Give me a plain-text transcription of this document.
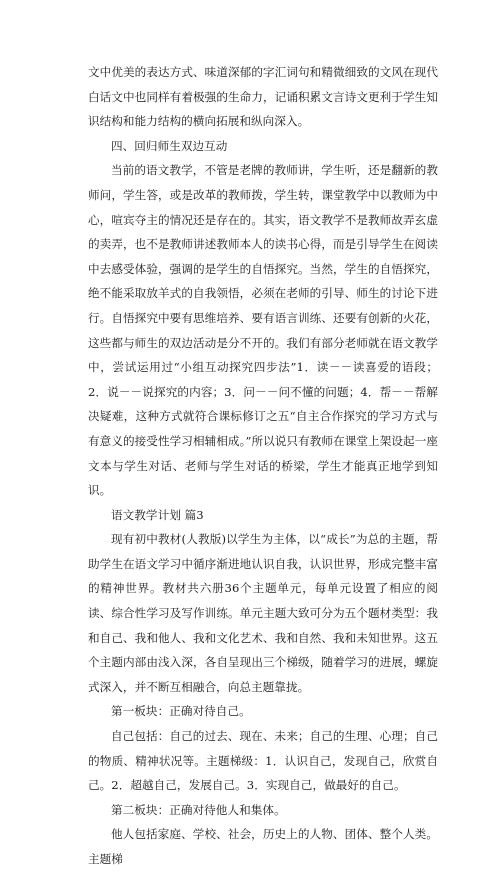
文中优美的表达方式、味道深郁的字汇词句和精微细致的文风在现代白话文中也同样有着极强的生命力，记诵积累文言诗文更利于学生知识结构和能力结构的横向拓展和纵向深入。

四、回归师生双边互动

当前的语文教学，不管是老牌的教师讲，学生听，还是翻新的教师问，学生答，或是改革的教师拨，学生转，课堂教学中以教师为中心，喧宾夺主的情况还是存在的。其实，语文教学不是教师故弄玄虚的卖弄，也不是教师讲述教师本人的读书心得，而是引导学生在阅读中去感受体验，强调的是学生的自悟探究。当然，学生的自悟探究，绝不能采取放羊式的自我领悟，必须在老师的引导、师生的讨论下进行。自悟探究中要有思维培养、要有语言训练、还要有创新的火花，这些都与师生的双边活动是分不开的。我们有部分老师就在语文教学中，尝试运用过“小组互动探究四步法”1．读－－读喜爱的语段；2．说－－说探究的内容；3．问－－问不懂的问题；4．帮－－帮解决疑难，这种方式就符合课标修订之五“自主合作探究的学习方式与有意义的接受性学习相辅相成。”所以说只有教师在课堂上架设起一座文本与学生对话、老师与学生对话的桥梁，学生才能真正地学到知识。

语文教学计划 篇3

现有初中教材(人教版)以学生为主体，以“成长”为总的主题，帮助学生在语文学习中循序渐进地认识自我，认识世界，形成完整丰富的精神世界。教材共六册36个主题单元，每单元设置了相应的阅读、综合性学习及写作训练。单元主题大致可分为五个题材类型：我和自己、我和他人、我和文化艺术、我和自然、我和未知世界。这五个主题内部由浅入深，各自呈现出三个梯级，随着学习的进展，螺旋式深入，并不断互相融合，向总主题靠拢。

第一板块：正确对待自己。

自己包括：自己的过去、现在、未来；自己的生理、心理；自己的物质、精神状况等。主题梯级：1．认识自己，发现自己，欣赏自己。2．超越自己，发展自己。3．实现自己，做最好的自己。

第二板块：正确对待他人和集体。

他人包括家庭、学校、社会，历史上的人物、团体、整个人类。主题梯
